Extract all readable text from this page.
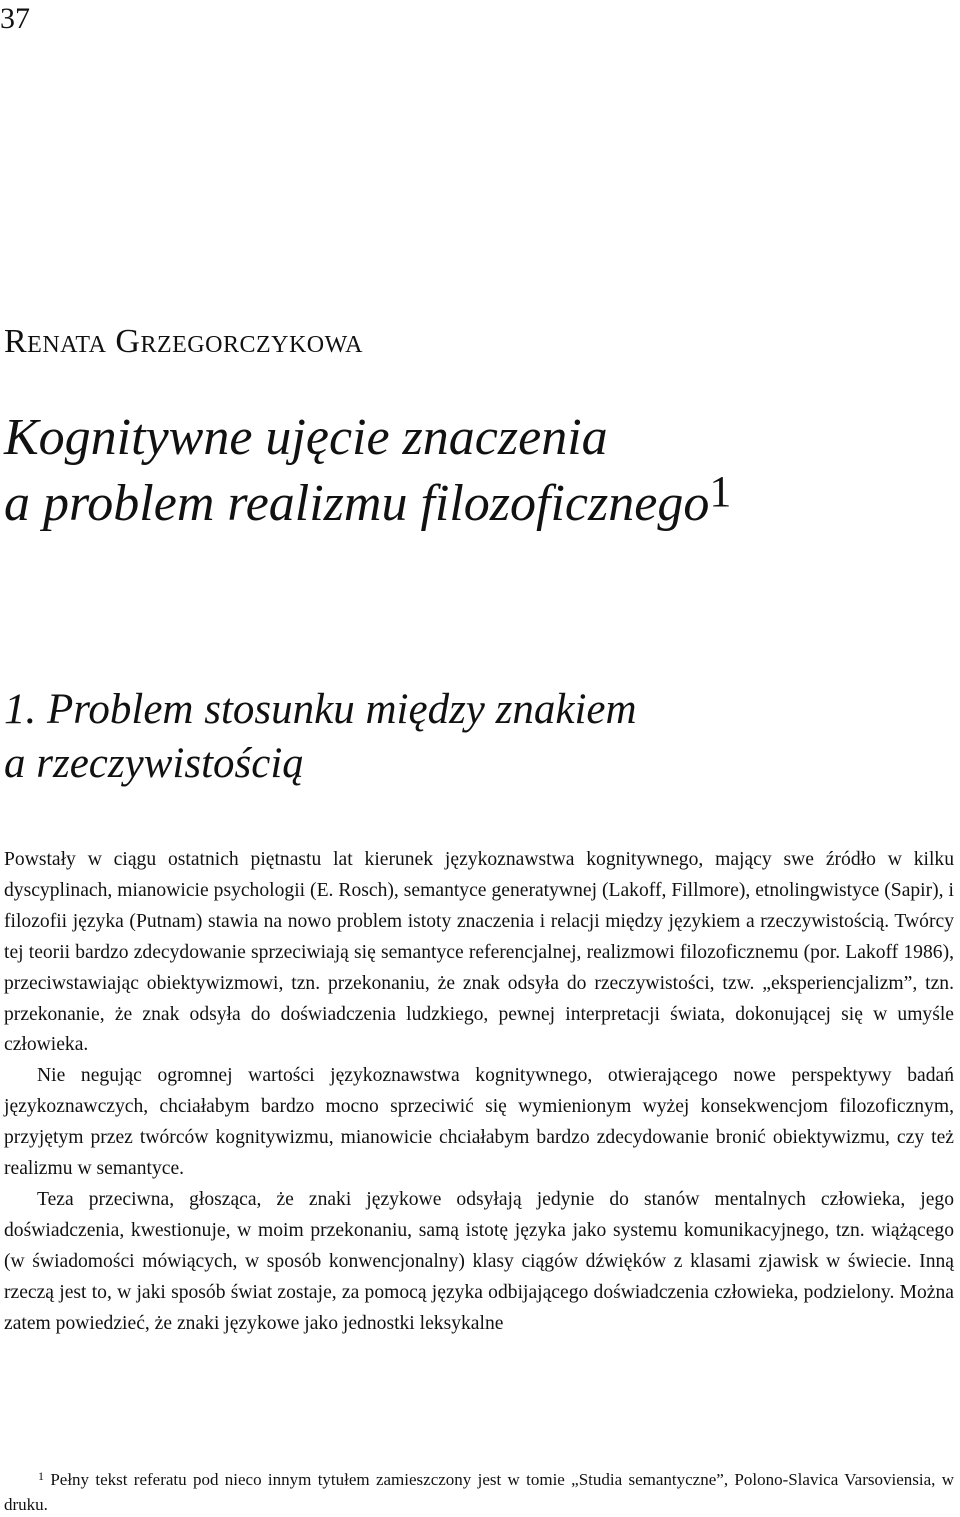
37
Renata Grzegorczykowa
Kognitywne ujęcie znaczenia
a problem realizmu filozoficznego$^1$
1. Problem stosunku między znakiem
a rzeczywistością

Powstały w ciągu ostatnich piętnastu lat kierunek językoznawstwa kognitywnego, mający swe źródło w kilku dyscyplinach, mianowicie psychologii (E. Rosch), semantyce generatywnej (Lakoff, Fillmore), etnolingwistyce (Sapir), i filozofii języka (Putnam) stawia na nowo problem istoty znaczenia i relacji między językiem a rzeczywistością. Twórcy tej teorii bardzo zdecydowanie sprzeciwiają się semantyce referencjalnej, realizmowi filozoficznemu (por. Lakoff 1986), przeciwstawiając obiektywizmowi, tzn. przekonaniu, że znak odsyła do rzeczywistości, tzw. „eksperiencjalizm”, tzn. przekonanie, że znak odsyła do doświadczenia ludzkiego, pewnej interpretacji świata, dokonującej się w umyśle człowieka.

Nie negując ogromnej wartości językoznawstwa kognitywnego, otwierającego nowe perspektywy badań językoznawczych, chciałabym bardzo mocno sprzeciwić się wymienionym wyżej konsekwencjom filozoficznym, przyjętym przez twórców kognitywizmu, mianowicie chciałabym bardzo zdecydowanie bronić obiektywizmu, czy też realizmu w semantyce.

Teza przeciwna, głosząca, że znaki językowe odsyłają jedynie do stanów mentalnych człowieka, jego doświadczenia, kwestionuje, w moim przekonaniu, samą istotę języka jako systemu komunikacyjnego, tzn. wiążącego (w świadomości mówiących, w sposób konwencjonalny) klasy ciągów dźwięków z klasami zjawisk w świecie. Inną rzeczą jest to, w jaki sposób świat zostaje, za pomocą języka odbijającego doświadczenia człowieka, podzielony. Można zatem powiedzieć, że znaki językowe jako jednostki leksykalne

$^1$ Pełny tekst referatu pod nieco innym tytułem zamieszczony jest w tomie „Studia semantyczne”, Polono-Slavica Varsoviensia, w druku.
